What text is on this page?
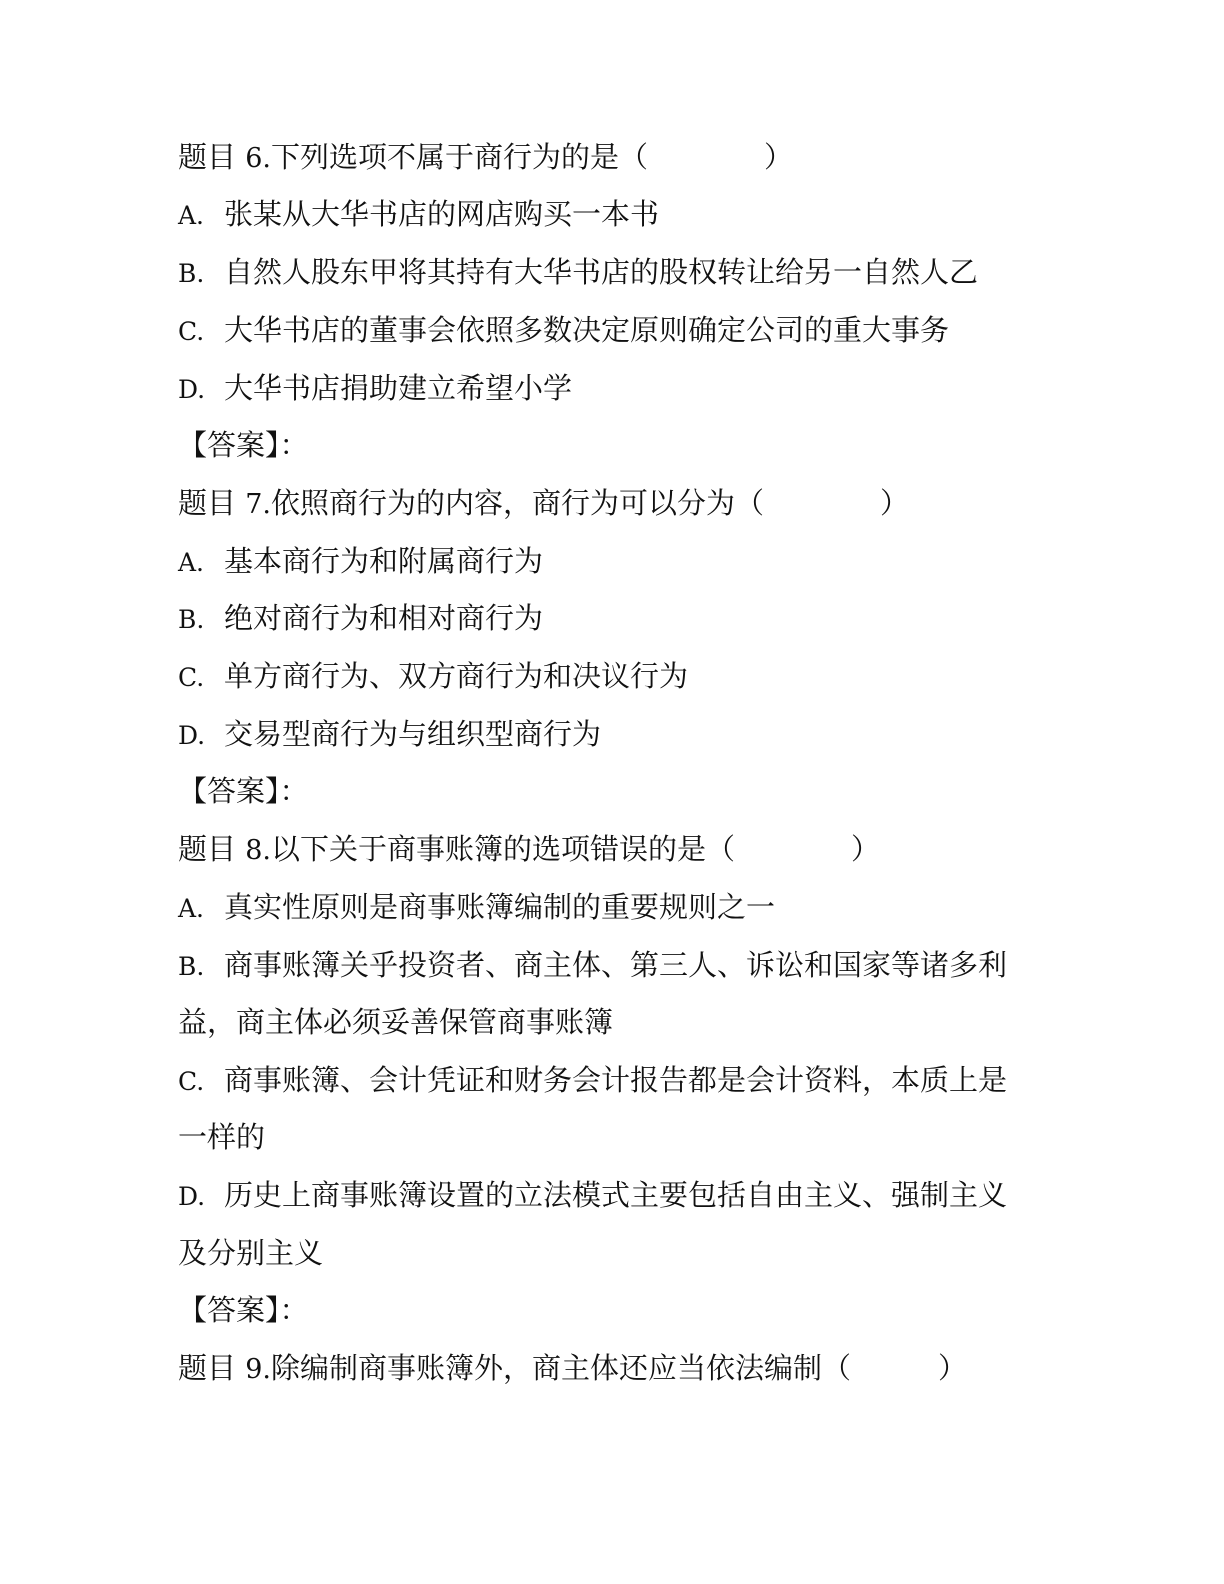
题目 6.下列选项不属于商行为的是（　　　　）
A. 张某从大华书店的网店购买一本书
B. 自然人股东甲将其持有大华书店的股权转让给另一自然人乙
C. 大华书店的董事会依照多数决定原则确定公司的重大事务
D. 大华书店捐助建立希望小学
【答案】：
题目 7.依照商行为的内容，商行为可以分为（　　　　）
A. 基本商行为和附属商行为
B. 绝对商行为和相对商行为
C. 单方商行为、双方商行为和决议行为
D. 交易型商行为与组织型商行为
【答案】：
题目 8.以下关于商事账簿的选项错误的是（　　　　）
A. 真实性原则是商事账簿编制的重要规则之一
B. 商事账簿关乎投资者、商主体、第三人、诉讼和国家等诸多利
益，商主体必须妥善保管商事账簿
C. 商事账簿、会计凭证和财务会计报告都是会计资料，本质上是
一样的
D. 历史上商事账簿设置的立法模式主要包括自由主义、强制主义
及分别主义
【答案】：
题目 9.除编制商事账簿外，商主体还应当依法编制（　　　）
